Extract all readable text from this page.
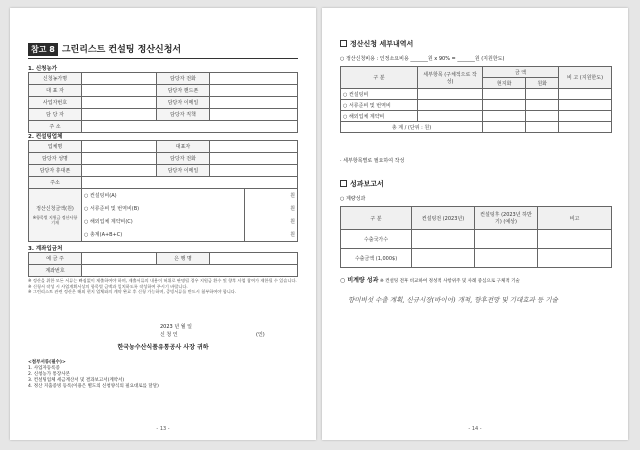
참고 8 그린리스트 컨설팅 정산신청서
1. 신청농가
신청농가명		담당자 전화	
대 표 자		담당자 핸드폰	
사업자번호		담당자 이메일	
담 당 자		담당자 직책	
주 소			
2. 컨설팅업체
업체명		대표자	
담당자 성명		담당자 전화	
담당자 휴대폰		담당자 이메일	
주소			
정산신청금액(원)
※항목별 지원금 정산사항 기재	○ 컨설팅비(A)	원
	○ 서류준비 및 번역비(B)	원
	○ 해외업체 계약비(C)	원
	○ 총계(A+B+C)	원
3. 계좌입금처
예 금 주		은 행 명	
계좌번호			
※ 정산을 위한 모든 서류는 빠짐없이 제출하여야 하며, 제출서류의 내용이 허위로 판명될 경우 지원금 환수 및 향후 사업 참여가 제한될 수 있습니다.
※ 신청서 작성 시 사업계획서상의 항목별 금액과 일치하도록 작성하여 주시기 바랍니다.
※ 그린리스트 관련 정산은 해외 현지 업체와의 계약 완료 후 신청 가능하며, 증빙서류를 반드시 첨부하여야 합니다.
2023 년 월 일
신 청 인	(인)
한국농수산식품유통공사 사장 귀하
<첨부서류(필수)>
1. 사업자등록증
2. 신청농가 통장사본
3. 컨설팅업체 세금계산서 및 결과보고서(계약서)
4. 정산 지출증빙 등록(이용은 별도의 신청양식의 필요대로를 달달)
- 13 -
정산신청 세부내역서
○ 정산신청비용 : 인정소요비용 _______원 x 90% = _______원 (지원한도)
구 분	세부항목 (구체적으로 작성)	금 액		비 고 (지원한도)
		현지화	원화	
○ 컨설팅비				
○ 서류준비 및 번역비				
○ 해외업체 계약비				
총 계 / (단위 : 원)				
· 세부항목별로 필요하여 작성
성과보고서
○ 계량성과
구 분	컨설팅전 (2023년)	컨설팅후 (2023년 하반기) (예상)	비고
수출국가수			
수출금액 (1,000$)			
○ 비계량 성과 ※ 컨설팅 전후 비교하여 정성적 사항위주 및 사례 중심으로 구체적 기술
향미버섯 수출 계획, 신규시장(바이어) 개척, 향후전망 및 기대효과 등 기술
- 14 -
